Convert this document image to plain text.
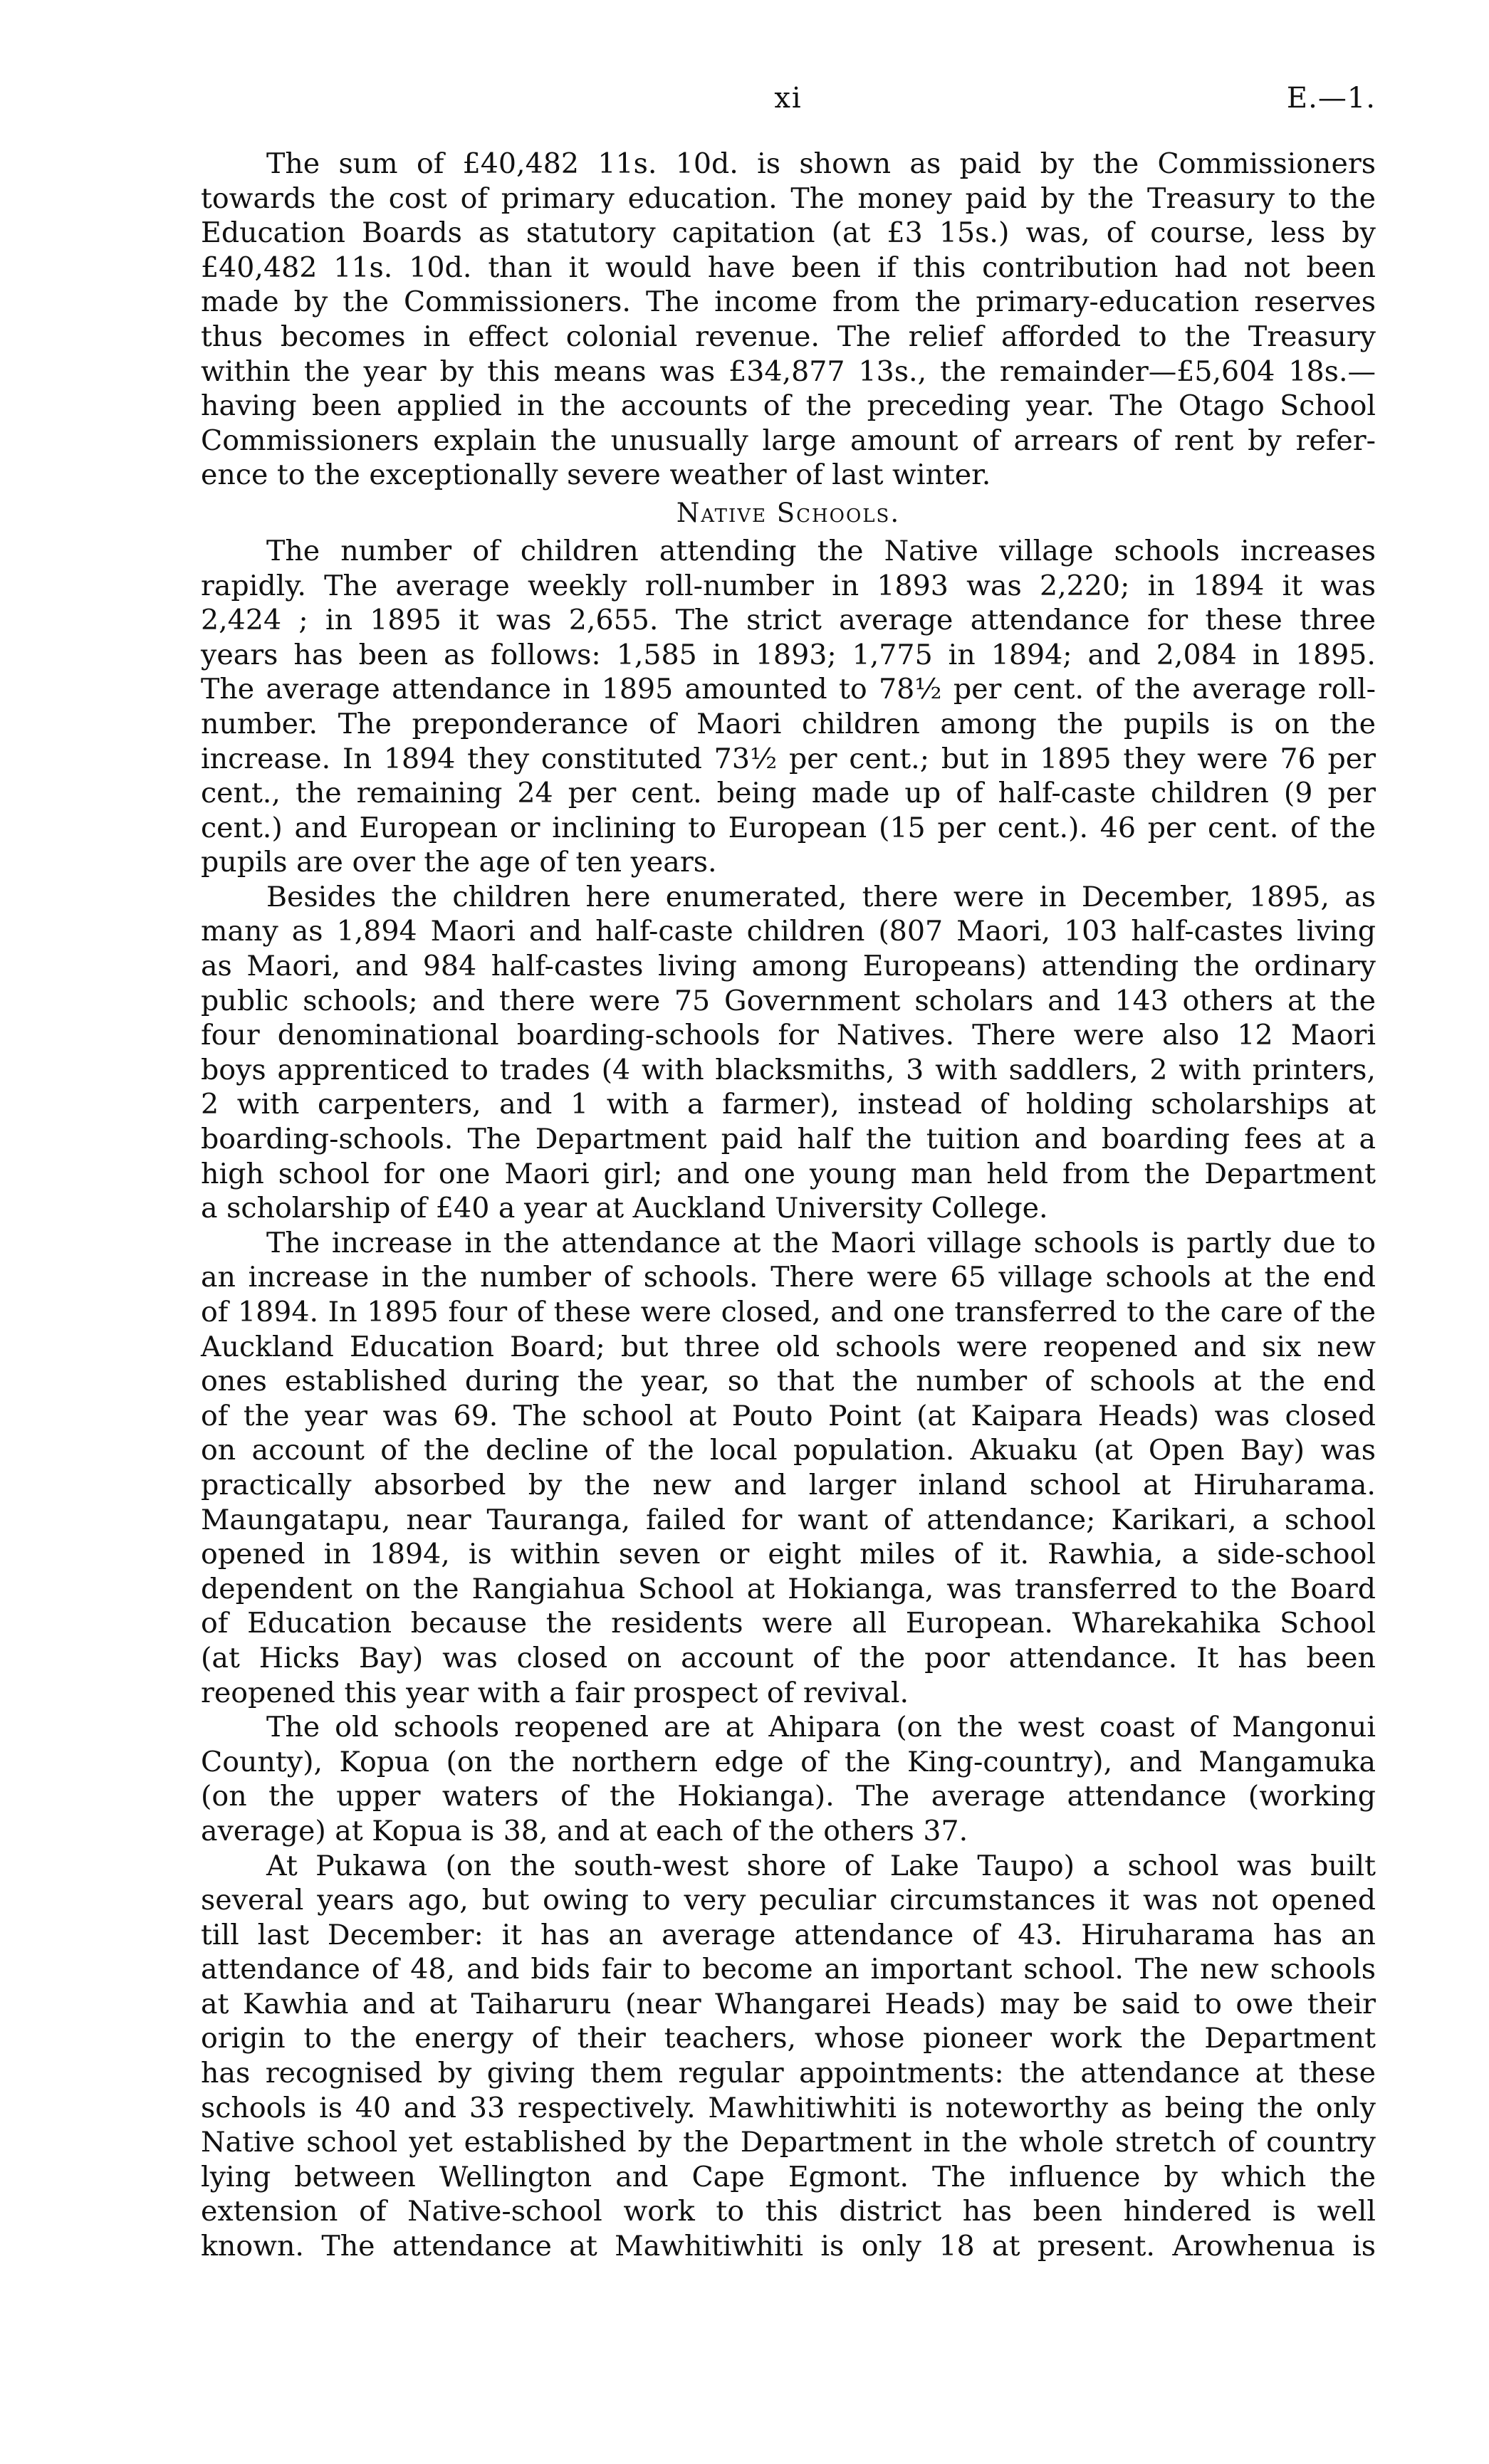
xi	E.—1.

The sum of £40,482 11s. 10d. is shown as paid by the Commissioners
towards the cost of primary education. The money paid by the Treasury to the
Education Boards as statutory capitation (at £3 15s.) was, of course, less by
£40,482 11s. 10d. than it would have been if this contribution had not been
made by the Commissioners. The income from the primary-education reserves
thus becomes in effect colonial revenue. The relief afforded to the Treasury
within the year by this means was £34,877 13s., the remainder—£5,604 18s.—
having been applied in the accounts of the preceding year. The Otago School
Commissioners explain the unusually large amount of arrears of rent by refer-
ence to the exceptionally severe weather of last winter.

Native Schools.

The number of children attending the Native village schools increases
rapidly. The average weekly roll-number in 1893 was 2,220; in 1894 it was
2,424 ; in 1895 it was 2,655. The strict average attendance for these three
years has been as follows: 1,585 in 1893; 1,775 in 1894; and 2,084 in 1895.
The average attendance in 1895 amounted to 78½ per cent. of the average roll-
number. The preponderance of Maori children among the pupils is on the
increase. In 1894 they constituted 73½ per cent.; but in 1895 they were 76 per
cent., the remaining 24 per cent. being made up of half-caste children (9 per
cent.) and European or inclining to European (15 per cent.). 46 per cent. of the
pupils are over the age of ten years.

Besides the children here enumerated, there were in December, 1895, as
many as 1,894 Maori and half-caste children (807 Maori, 103 half-castes living
as Maori, and 984 half-castes living among Europeans) attending the ordinary
public schools; and there were 75 Government scholars and 143 others at the
four denominational boarding-schools for Natives. There were also 12 Maori
boys apprenticed to trades (4 with blacksmiths, 3 with saddlers, 2 with printers,
2 with carpenters, and 1 with a farmer), instead of holding scholarships at
boarding-schools. The Department paid half the tuition and boarding fees at a
high school for one Maori girl; and one young man held from the Department
a scholarship of £40 a year at Auckland University College.

The increase in the attendance at the Maori village schools is partly due to
an increase in the number of schools. There were 65 village schools at the end
of 1894. In 1895 four of these were closed, and one transferred to the care of the
Auckland Education Board; but three old schools were reopened and six new
ones established during the year, so that the number of schools at the end
of the year was 69. The school at Pouto Point (at Kaipara Heads) was closed
on account of the decline of the local population. Akuaku (at Open Bay) was
practically absorbed by the new and larger inland school at Hiruharama.
Maungatapu, near Tauranga, failed for want of attendance; Karikari, a school
opened in 1894, is within seven or eight miles of it. Rawhia, a side-school
dependent on the Rangiahua School at Hokianga, was transferred to the Board
of Education because the residents were all European. Wharekahika School
(at Hicks Bay) was closed on account of the poor attendance. It has been
reopened this year with a fair prospect of revival.

The old schools reopened are at Ahipara (on the west coast of Mangonui
County), Kopua (on the northern edge of the King-country), and Mangamuka
(on the upper waters of the Hokianga). The average attendance (working
average) at Kopua is 38, and at each of the others 37.

At Pukawa (on the south-west shore of Lake Taupo) a school was built
several years ago, but owing to very peculiar circumstances it was not opened
till last December: it has an average attendance of 43. Hiruharama has an
attendance of 48, and bids fair to become an important school. The new schools
at Kawhia and at Taiharuru (near Whangarei Heads) may be said to owe their
origin to the energy of their teachers, whose pioneer work the Department
has recognised by giving them regular appointments: the attendance at these
schools is 40 and 33 respectively. Mawhitiwhiti is noteworthy as being the only
Native school yet established by the Department in the whole stretch of country
lying between Wellington and Cape Egmont. The influence by which the
extension of Native-school work to this district has been hindered is well
known. The attendance at Mawhitiwhiti is only 18 at present. Arowhenua is
